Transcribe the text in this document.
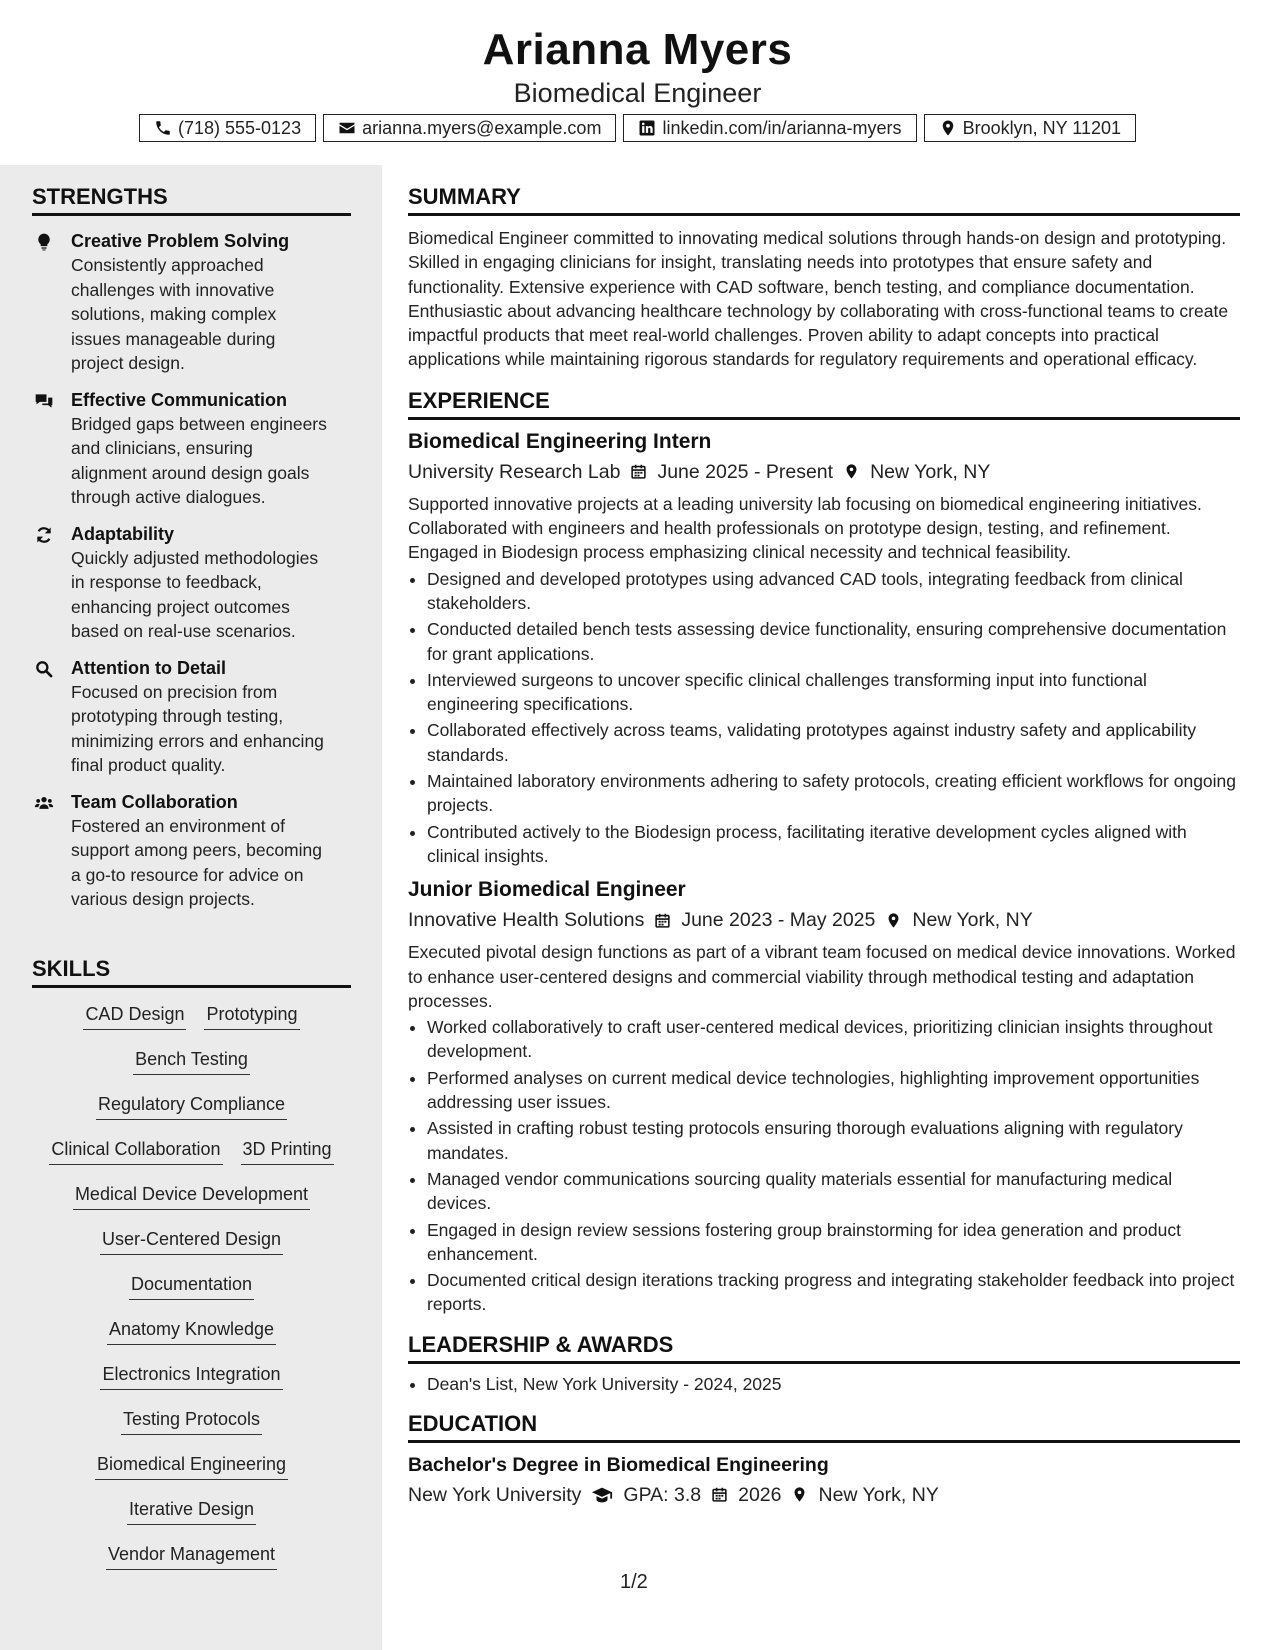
Arianna Myers
Biomedical Engineer
(718) 555-0123	arianna.myers@example.com	linkedin.com/in/arianna-myers	Brooklyn, NY 11201
STRENGTHS
Creative Problem Solving
Consistently approached
challenges with innovative
solutions, making complex
issues manageable during
project design.
Effective Communication
Bridged gaps between engineers
and clinicians, ensuring
alignment around design goals
through active dialogues.
Adaptability
Quickly adjusted methodologies
in response to feedback,
enhancing project outcomes
based on real-use scenarios.
Attention to Detail
Focused on precision from
prototyping through testing,
minimizing errors and enhancing
final product quality.
Team Collaboration
Fostered an environment of
support among peers, becoming
a go-to resource for advice on
various design projects.
SKILLS
CAD Design Prototyping
Bench Testing
Regulatory Compliance
Clinical Collaboration 3D Printing
Medical Device Development
User-Centered Design
Documentation
Anatomy Knowledge
Electronics Integration
Testing Protocols
Biomedical Engineering
Iterative Design
Vendor Management
SUMMARY
Biomedical Engineer committed to innovating medical solutions through hands-on design and prototyping. Skilled in engaging clinicians for insight, translating needs into prototypes that ensure safety and functionality. Extensive experience with CAD software, bench testing, and compliance documentation. Enthusiastic about advancing healthcare technology by collaborating with cross-functional teams to create impactful products that meet real-world challenges. Proven ability to adapt concepts into practical applications while maintaining rigorous standards for regulatory requirements and operational efficacy.
EXPERIENCE
Biomedical Engineering Intern
University Research Lab June 2025 - Present New York, NY
Supported innovative projects at a leading university lab focusing on biomedical engineering initiatives. Collaborated with engineers and health professionals on prototype design, testing, and refinement. Engaged in Biodesign process emphasizing clinical necessity and technical feasibility.
• Designed and developed prototypes using advanced CAD tools, integrating feedback from clinical stakeholders.
• Conducted detailed bench tests assessing device functionality, ensuring comprehensive documentation for grant applications.
• Interviewed surgeons to uncover specific clinical challenges transforming input into functional engineering specifications.
• Collaborated effectively across teams, validating prototypes against industry safety and applicability standards.
• Maintained laboratory environments adhering to safety protocols, creating efficient workflows for ongoing projects.
• Contributed actively to the Biodesign process, facilitating iterative development cycles aligned with clinical insights.
Junior Biomedical Engineer
Innovative Health Solutions June 2023 - May 2025 New York, NY
Executed pivotal design functions as part of a vibrant team focused on medical device innovations. Worked to enhance user-centered designs and commercial viability through methodical testing and adaptation processes.
• Worked collaboratively to craft user-centered medical devices, prioritizing clinician insights throughout development.
• Performed analyses on current medical device technologies, highlighting improvement opportunities addressing user issues.
• Assisted in crafting robust testing protocols ensuring thorough evaluations aligning with regulatory mandates.
• Managed vendor communications sourcing quality materials essential for manufacturing medical devices.
• Engaged in design review sessions fostering group brainstorming for idea generation and product enhancement.
• Documented critical design iterations tracking progress and integrating stakeholder feedback into project reports.
LEADERSHIP & AWARDS
• Dean's List, New York University - 2024, 2025
EDUCATION
Bachelor's Degree in Biomedical Engineering
New York University GPA: 3.8 2026 New York, NY
1/2
